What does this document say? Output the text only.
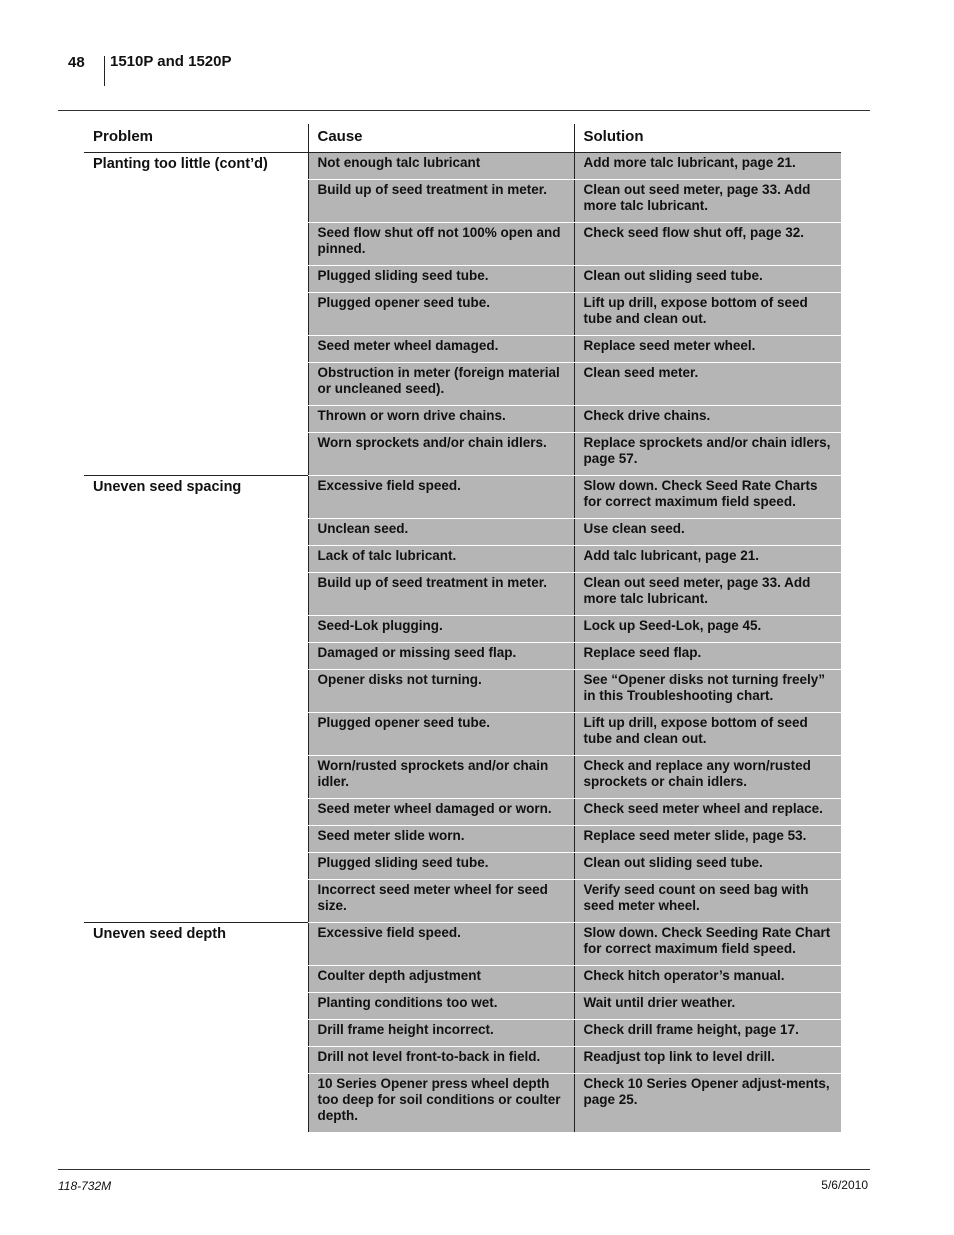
48 1510P and 1520P
Problem	Cause	Solution
Planting too little (cont’d)	Not enough talc lubricant	Add more talc lubricant, page 21.
	Build up of seed treatment in meter.	Clean out seed meter, page 33. Add more talc lubricant.
	Seed flow shut off not 100% open and pinned.	Check seed flow shut off, page 32.
	Plugged sliding seed tube.	Clean out sliding seed tube.
	Plugged opener seed tube.	Lift up drill, expose bottom of seed tube and clean out.
	Seed meter wheel damaged.	Replace seed meter wheel.
	Obstruction in meter (foreign material or uncleaned seed).	Clean seed meter.
	Thrown or worn drive chains.	Check drive chains.
	Worn sprockets and/or chain idlers.	Replace sprockets and/or chain idlers, page 57.
Uneven seed spacing	Excessive field speed.	Slow down. Check Seed Rate Charts for correct maximum field speed.
	Unclean seed.	Use clean seed.
	Lack of talc lubricant.	Add talc lubricant, page 21.
	Build up of seed treatment in meter.	Clean out seed meter, page 33. Add more talc lubricant.
	Seed-Lok plugging.	Lock up Seed-Lok, page 45.
	Damaged or missing seed flap.	Replace seed flap.
	Opener disks not turning.	See “Opener disks not turning freely” in this Troubleshooting chart.
	Plugged opener seed tube.	Lift up drill, expose bottom of seed tube and clean out.
	Worn/rusted sprockets and/or chain idler.	Check and replace any worn/rusted sprockets or chain idlers.
	Seed meter wheel damaged or worn.	Check seed meter wheel and replace.
	Seed meter slide worn.	Replace seed meter slide, page 53.
	Plugged sliding seed tube.	Clean out sliding seed tube.
	Incorrect seed meter wheel for seed size.	Verify seed count on seed bag with seed meter wheel.
Uneven seed depth	Excessive field speed.	Slow down. Check Seeding Rate Chart for correct maximum field speed.
	Coulter depth adjustment	Check hitch operator’s manual.
	Planting conditions too wet.	Wait until drier weather.
	Drill frame height incorrect.	Check drill frame height, page 17.
	Drill not level front-to-back in field.	Readjust top link to level drill.
	10 Series Opener press wheel depth too deep for soil conditions or coulter depth.	Check 10 Series Opener adjust-ments, page 25.
118-732M	5/6/2010
